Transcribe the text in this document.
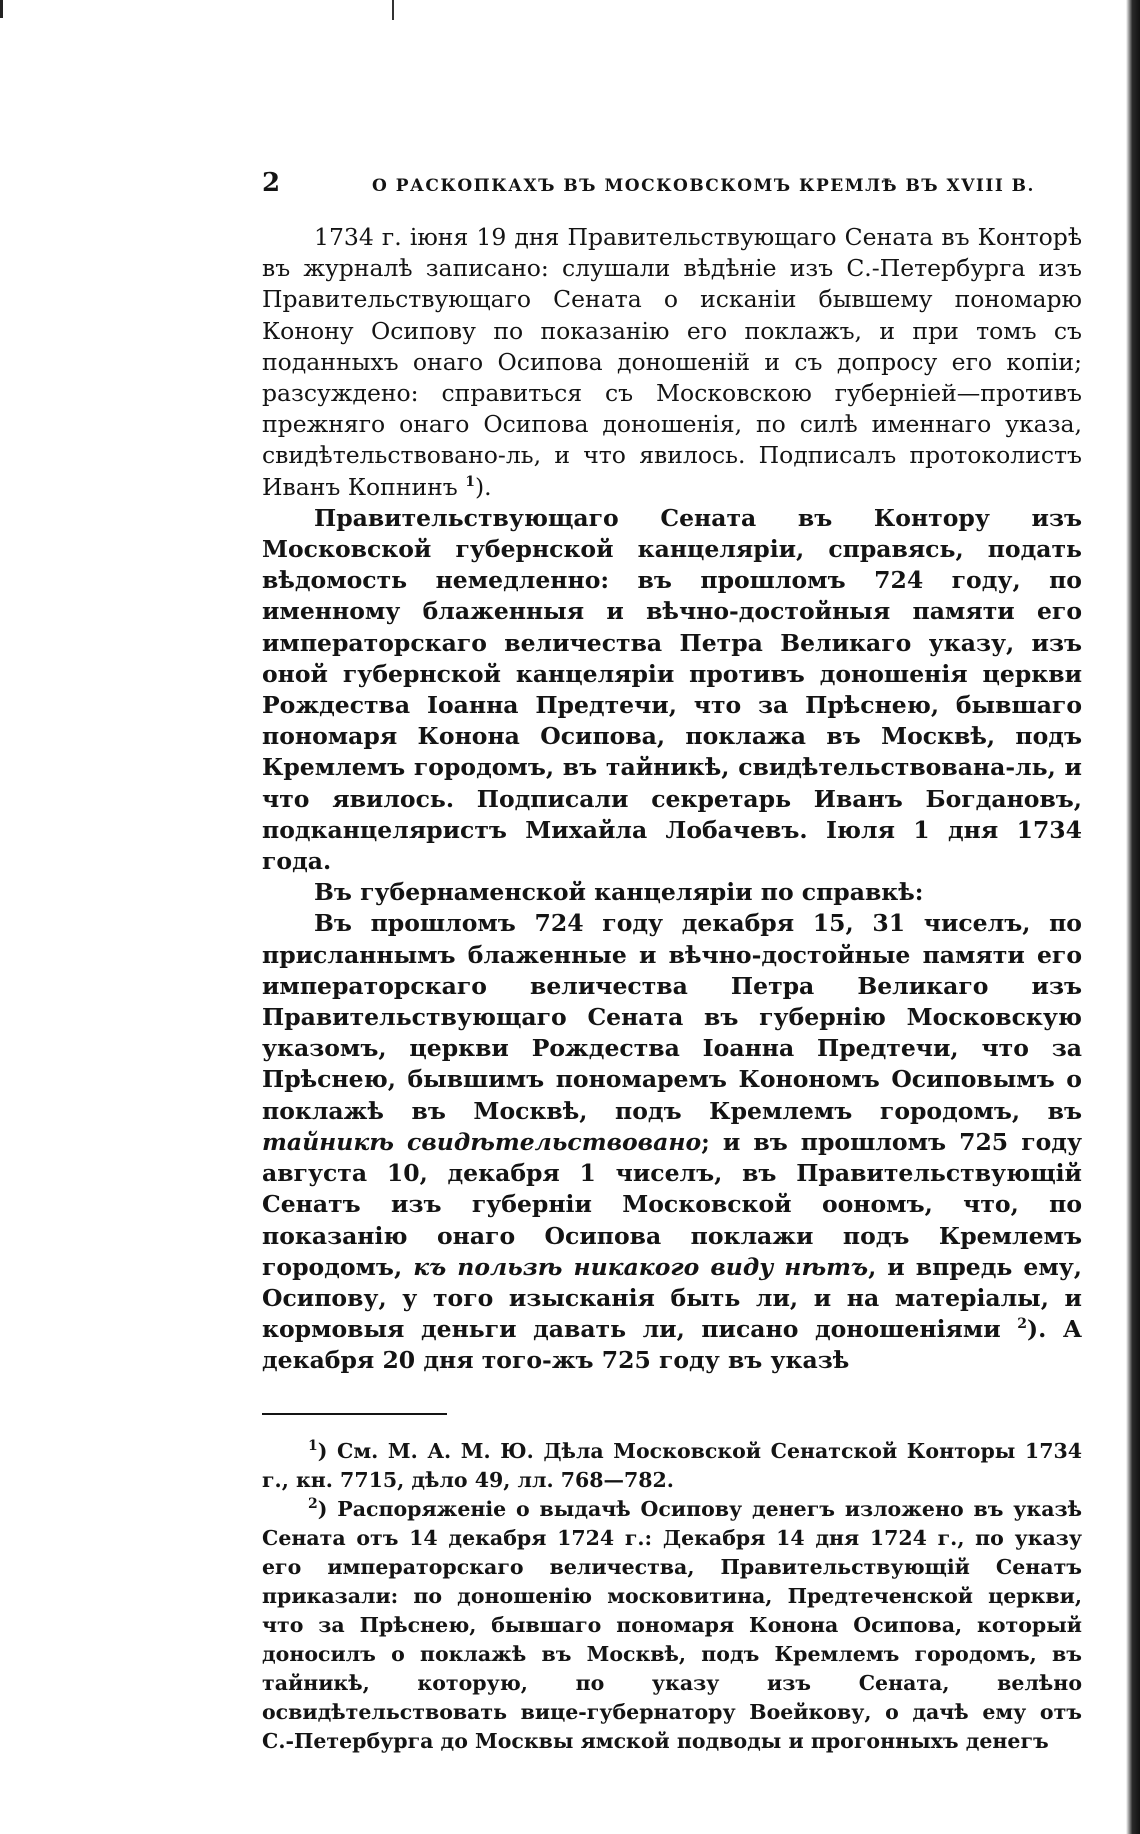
2	О РАСКОПКАХЪ ВЪ МОСКОВСКОМЪ КРЕМЛѢ ВЪ XVIII В.

1734 г. iюня 19 дня Правительствующаго Сената въ Конторѣ въ журналѣ записано: слушали вѣдѣнiе изъ С.-Петербурга изъ Правительствующаго Сената о исканiи бывшему пономарю Конону Осипову по показанiю его поклажъ, и при томъ съ поданныхъ онаго Осипова доношенiй и съ допросу его копiи; разсуждено: справиться съ Московскою губернiей—противъ прежняго онаго Осипова доношенiя, по силѣ именнаго указа, свидѣтельствовано-ль, и что явилось. Подписалъ протоколистъ Иванъ Копнинъ $^1$).

Правительствующаго Сената въ Контору изъ Московской губернской канцелярiи, справясь, подать вѣдомость немедленно: въ прошломъ 724 году, по именному блаженныя и вѣчно-достойныя памяти его императорскаго величества Петра Великаго указу, изъ оной губернской канцелярiи противъ доношенiя церкви Рождества Iоанна Предтечи, что за Прѣснею, бывшаго пономаря Конона Осипова, поклажа въ Москвѣ, подъ Кремлемъ городомъ, въ тайникѣ, свидѣтельствована-ль, и что явилось. Подписали секретарь Иванъ Богдановъ, подканцеляристъ Михайла Лобачевъ. Iюля 1 дня 1734 года.

Въ губернаменской канцелярiи по справкѣ:

Въ прошломъ 724 году декабря 15, 31 чиселъ, по присланнымъ блаженные и вѣчно-достойные памяти его императорскаго величества Петра Великаго изъ Правительствующаго Сената въ губернiю Московскую указомъ, церкви Рождества Iоанна Предтечи, что за Прѣснею, бывшимъ пономаремъ Конономъ Осиповымъ о поклажѣ въ Москвѣ, подъ Кремлемъ городомъ, въ тайникѣ свидѣтельствовано; и въ прошломъ 725 году августа 10, декабря 1 чиселъ, въ Правительствующiй Сенатъ изъ губернiи Московской оономъ, что, по показанiю онаго Осипова поклажи подъ Кремлемъ городомъ, къ пользѣ никакого виду нѣтъ, и впредь ему, Осипову, у того изысканiя быть ли, и на матерiалы, и кормовыя деньги давать ли, писано доношенiями $^2$). А декабря 20 дня того-жъ 725 году въ указѣ

$^1$) См. М. А. М. Ю. Дѣла Московской Сенатской Конторы 1734 г., кн. 7715, дѣло 49, лл. 768—782.

$^2$) Распоряженiе о выдачѣ Осипову денегъ изложено въ указѣ Сената отъ 14 декабря 1724 г.: Декабря 14 дня 1724 г., по указу его императорскаго величества, Правительствующiй Сенатъ приказали: по доношенiю московитина, Предтеченской церкви, что за Прѣснею, бывшаго пономаря Конона Осипова, который доносилъ о поклажѣ въ Москвѣ, подъ Кремлемъ городомъ, въ тайникѣ, которую, по указу изъ Сената, велѣно освидѣтельствовать вице-губернатору Воейкову, о дачѣ ему отъ С.-Петербурга до Москвы ямской подводы и прогонныхъ денегъ
